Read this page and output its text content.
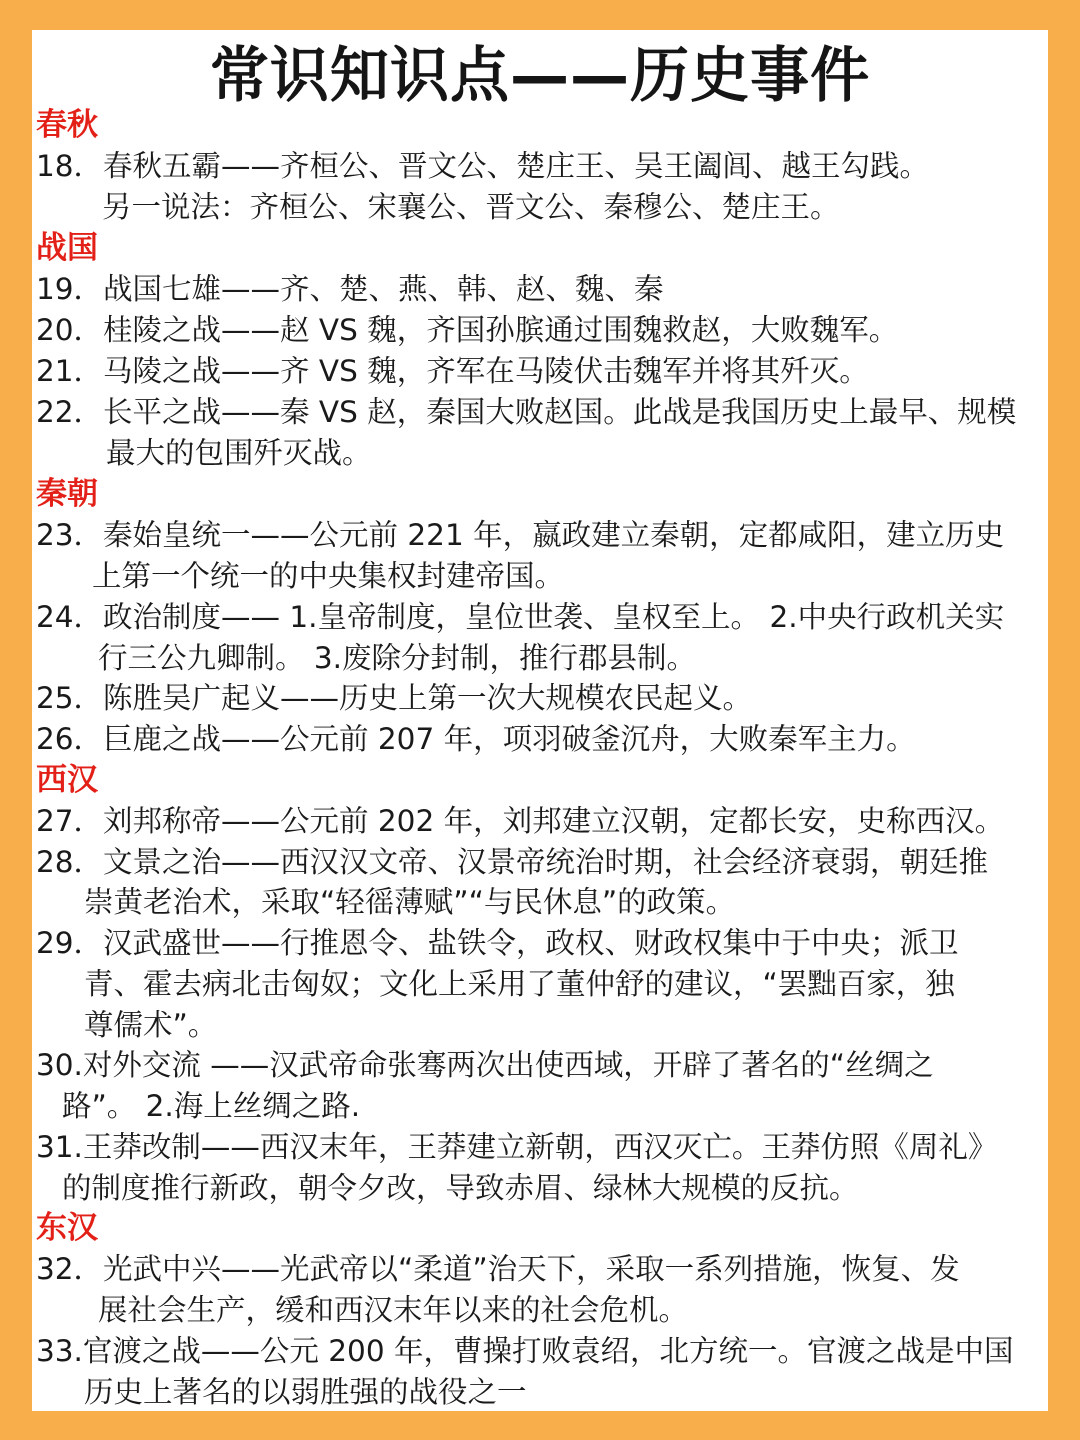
常识知识点——历史事件
春秋
18．春秋五霸——齐桓公、晋文公、楚庄王、吴王阖闾、越王勾践。
另一说法：齐桓公、宋襄公、晋文公、秦穆公、楚庄王。
战国
19．战国七雄——齐、楚、燕、韩、赵、魏、秦
20．桂陵之战——赵 VS 魏，齐国孙膑通过围魏救赵，大败魏军。
21．马陵之战——齐 VS 魏，齐军在马陵伏击魏军并将其歼灭。
22．长平之战——秦 VS 赵，秦国大败赵国。此战是我国历史上最早、规模
最大的包围歼灭战。
秦朝
23．秦始皇统一——公元前 221 年，嬴政建立秦朝，定都咸阳，建立历史
上第一个统一的中央集权封建帝国。
24．政治制度—— 1.皇帝制度，皇位世袭、皇权至上。 2.中央行政机关实
行三公九卿制。 3.废除分封制，推行郡县制。
25．陈胜吴广起义——历史上第一次大规模农民起义。
26．巨鹿之战——公元前 207 年，项羽破釜沉舟，大败秦军主力。
西汉
27．刘邦称帝——公元前 202 年，刘邦建立汉朝，定都长安，史称西汉。
28．文景之治——西汉汉文帝、汉景帝统治时期，社会经济衰弱，朝廷推
崇黄老治术，采取“轻徭薄赋”“与民休息”的政策。
29．汉武盛世——行推恩令、盐铁令，政权、财政权集中于中央；派卫
青、霍去病北击匈奴；文化上采用了董仲舒的建议，“罢黜百家，独
尊儒术”。
30.对外交流 ——汉武帝命张骞两次出使西域，开辟了著名的“丝绸之
路”。 2.海上丝绸之路.
31.王莽改制——西汉末年，王莽建立新朝，西汉灭亡。王莽仿照《周礼》
的制度推行新政，朝令夕改，导致赤眉、绿林大规模的反抗。
东汉
32．光武中兴——光武帝以“柔道”治天下，采取一系列措施，恢复、发
展社会生产，缓和西汉末年以来的社会危机。
33.官渡之战——公元 200 年，曹操打败袁绍，北方统一。官渡之战是中国
历史上著名的以弱胜强的战役之一
